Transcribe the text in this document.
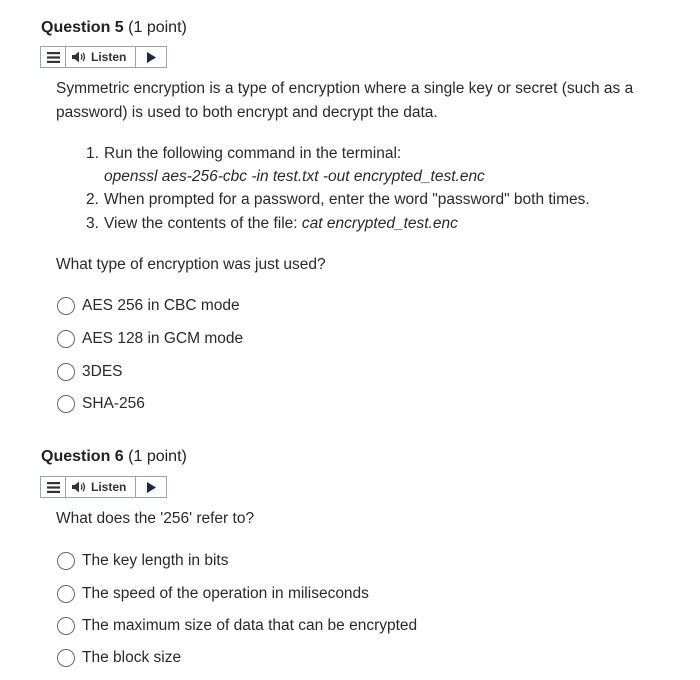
Question 5 (1 point)
Listen
Symmetric encryption is a type of encryption where a single key or secret (such as a
password) is used to both encrypt and decrypt the data.
1. Run the following command in the terminal:
openssl aes-256-cbc -in test.txt -out encrypted_test.enc
2. When prompted for a password, enter the word "password" both times.
3. View the contents of the file: cat encrypted_test.enc
What type of encryption was just used?
AES 256 in CBC mode
AES 128 in GCM mode
3DES
SHA-256
Question 6 (1 point)
Listen
What does the '256' refer to?
The key length in bits
The speed of the operation in miliseconds
The maximum size of data that can be encrypted
The block size
